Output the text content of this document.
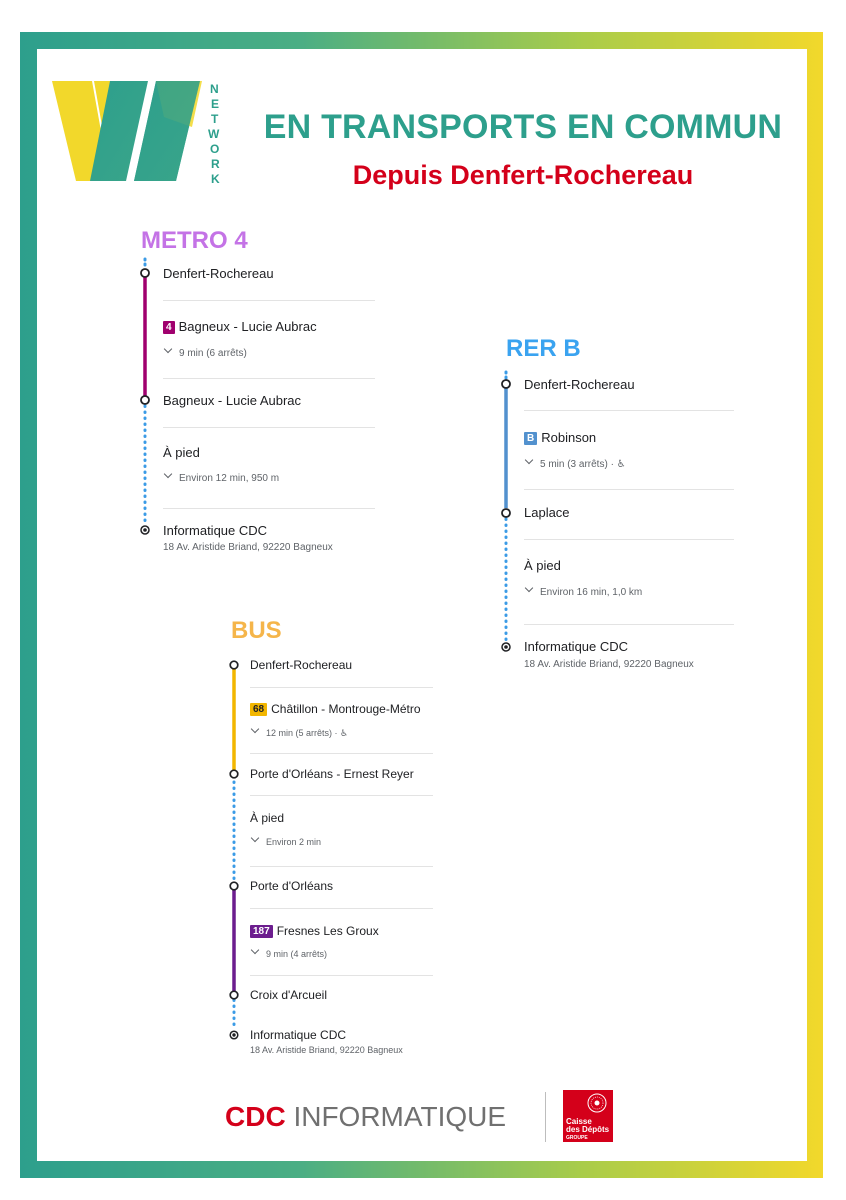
N
E
T
W
O
R
K
EN TRANSPORTS EN COMMUN
Depuis Denfert-Rochereau
METRO 4
Denfert-Rochereau
4 Bagneux - Lucie Aubrac
9 min (6 arrêts)
Bagneux - Lucie Aubrac
À pied
Environ 12 min, 950 m
Informatique CDC
18 Av. Aristide Briand, 92220 Bagneux
RER B
Denfert-Rochereau
B Robinson
5 min (3 arrêts) · ♿
Laplace
À pied
Environ 16 min, 1,0 km
Informatique CDC
18 Av. Aristide Briand, 92220 Bagneux
BUS
Denfert-Rochereau
68 Châtillon - Montrouge-Métro
12 min (5 arrêts) · ♿
Porte d'Orléans - Ernest Reyer
À pied
Environ 2 min
Porte d'Orléans
187 Fresnes Les Groux
9 min (4 arrêts)
Croix d'Arcueil
Informatique CDC
18 Av. Aristide Briand, 92220 Bagneux
CDC INFORMATIQUE	Caisse
des Dépôts
GROUPE
